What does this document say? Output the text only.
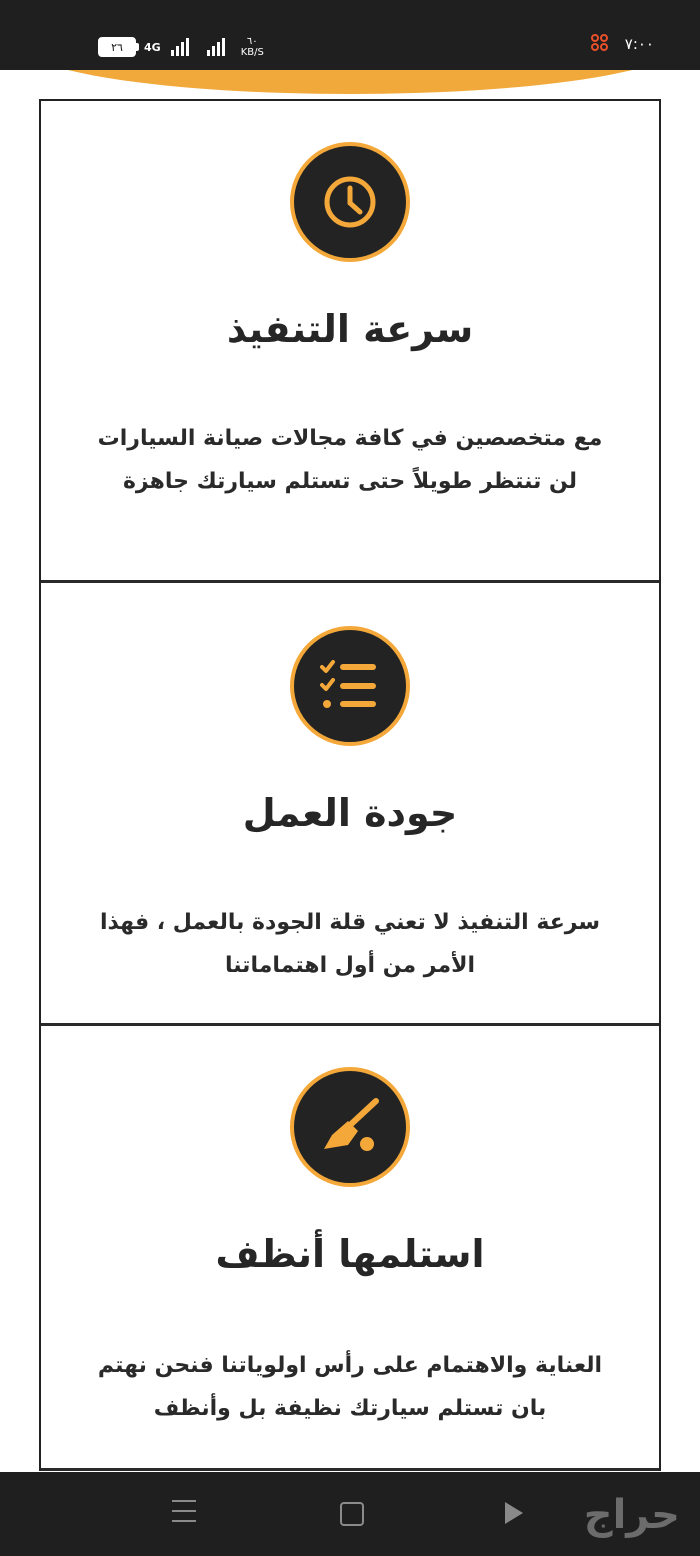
٢٦ 4G	٦٠
KB/S	٧:٠٠
سرعة التنفيذ
مع متخصصين في كافة مجالات صيانة السيارات لن تنتظر طويلاً حتى تستلم سيارتك جاهزة
جودة العمل
سرعة التنفيذ لا تعني قلة الجودة بالعمل ، فهذا الأمر من أول اهتماماتنا
استلمها أنظف
العناية والاهتمام على رأس اولوياتنا فنحن نهتم بان تستلم سيارتك نظيفة بل وأنظف
حراج
